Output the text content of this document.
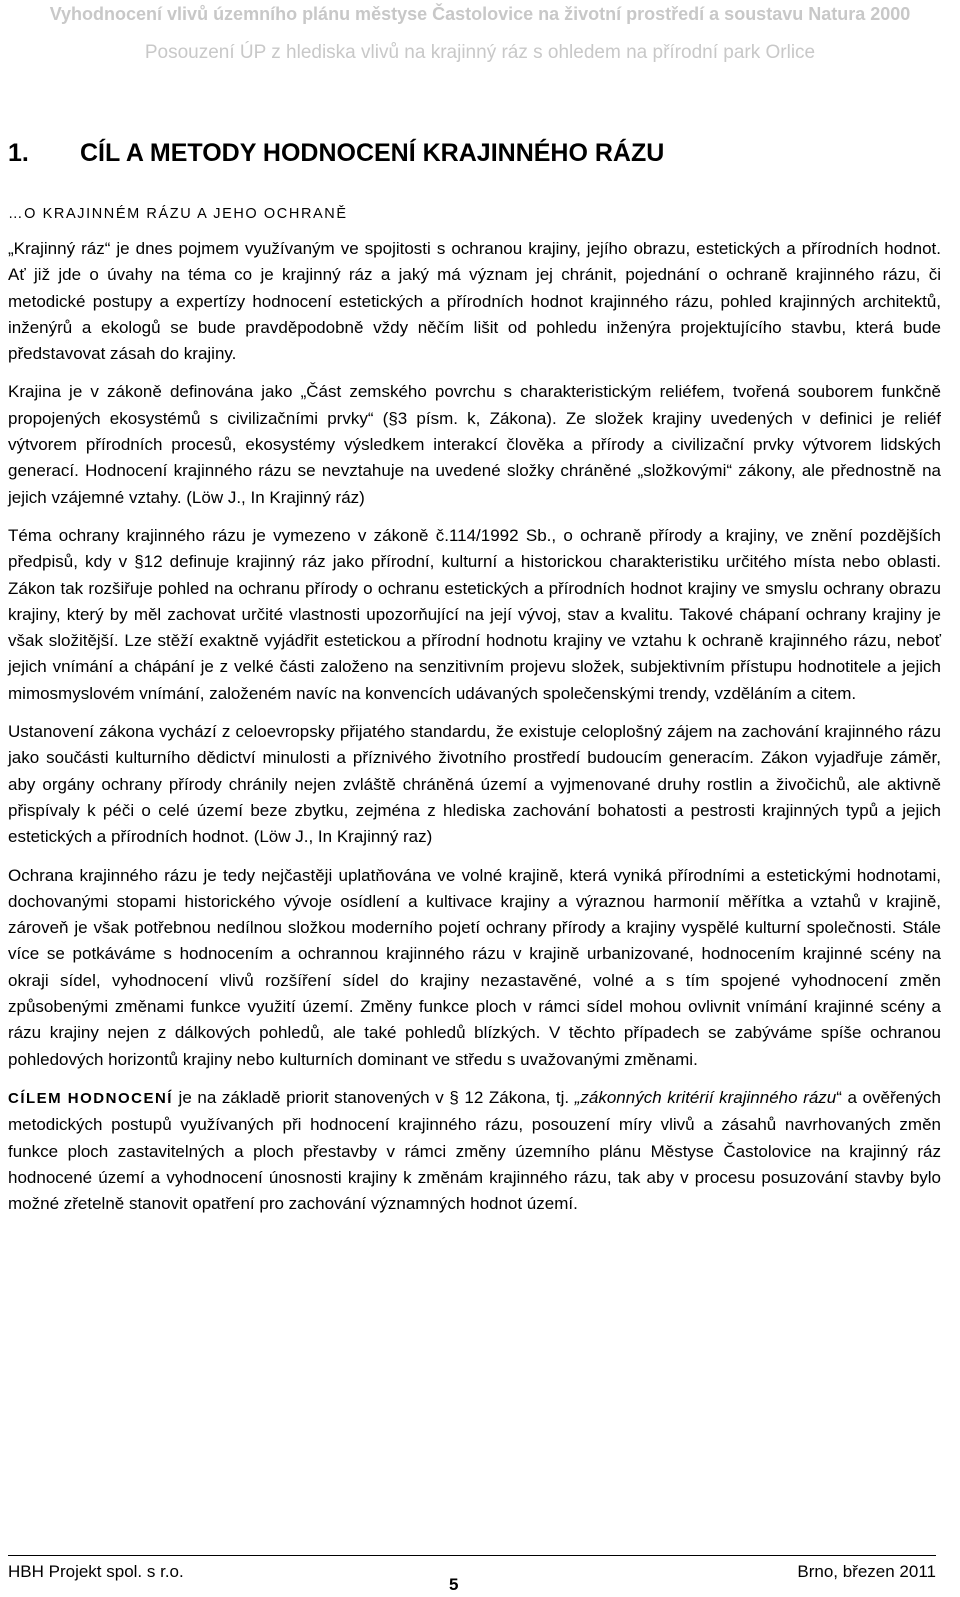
Vyhodnocení vlivů územního plánu městyse Častolovice na životní prostředí a soustavu Natura 2000
Posouzení ÚP z hlediska vlivů na krajinný ráz s ohledem na přírodní park Orlice
1. CÍL A METODY HODNOCENÍ KRAJINNÉHO RÁZU
…O KRAJINNÉM RÁZU A JEHO OCHRANĚ

„Krajinný ráz“ je dnes pojmem využívaným ve spojitosti s ochranou krajiny, jejího obrazu, estetických a přírodních hodnot. Ať již jde o úvahy na téma co je krajinný ráz a jaký má význam jej chránit, pojednání o ochraně krajinného rázu, či metodické postupy a expertízy hodnocení estetických a přírodních hodnot krajinného rázu, pohled krajinných architektů, inženýrů a ekologů se bude pravděpodobně vždy něčím lišit od pohledu inženýra projektujícího stavbu, která bude představovat zásah do krajiny.

Krajina je v zákoně definována jako „Část zemského povrchu s charakteristickým reliéfem, tvořená souborem funkčně propojených ekosystémů s civilizačními prvky“ (§3 písm. k, Zákona). Ze složek krajiny uvedených v definici je reliéf výtvorem přírodních procesů, ekosystémy výsledkem interakcí člověka a přírody a civilizační prvky výtvorem lidských generací. Hodnocení krajinného rázu se nevztahuje na uvedené složky chráněné „složkovými“ zákony, ale přednostně na jejich vzájemné vztahy. (Löw J., In Krajinný ráz)

Téma ochrany krajinného rázu je vymezeno v zákoně č.114/1992 Sb., o ochraně přírody a krajiny, ve znění pozdějších předpisů, kdy v §12 definuje krajinný ráz jako přírodní, kulturní a historickou charakteristiku určitého místa nebo oblasti. Zákon tak rozšiřuje pohled na ochranu přírody o ochranu estetických a přírodních hodnot krajiny ve smyslu ochrany obrazu krajiny, který by měl zachovat určité vlastnosti upozorňující na její vývoj, stav a kvalitu. Takové chápaní ochrany krajiny je však složitější. Lze stěží exaktně vyjádřit estetickou a přírodní hodnotu krajiny ve vztahu k ochraně krajinného rázu, neboť jejich vnímání a chápání je z velké části založeno na senzitivním projevu složek, subjektivním přístupu hodnotitele a jejich mimosmyslovém vnímání, založeném navíc na konvencích udávaných společenskými trendy, vzděláním a citem.

Ustanovení zákona vychází z celoevropsky přijatého standardu, že existuje celoplošný zájem na zachování krajinného rázu jako součásti kulturního dědictví minulosti a příznivého životního prostředí budoucím generacím. Zákon vyjadřuje záměr, aby orgány ochrany přírody chránily nejen zvláště chráněná území a vyjmenované druhy rostlin a živočichů, ale aktivně přispívaly k péči o celé území beze zbytku, zejména z hlediska zachování bohatosti a pestrosti krajinných typů a jejich estetických a přírodních hodnot. (Löw J., In Krajinný raz)

Ochrana krajinného rázu je tedy nejčastěji uplatňována ve volné krajině, která vyniká přírodními a estetickými hodnotami, dochovanými stopami historického vývoje osídlení a kultivace krajiny a výraznou harmonií měřítka a vztahů v krajině, zároveň je však potřebnou nedílnou složkou moderního pojetí ochrany přírody a krajiny vyspělé kulturní společnosti. Stále více se potkáváme s hodnocením a ochrannou krajinného rázu v krajině urbanizované, hodnocením krajinné scény na okraji sídel, vyhodnocení vlivů rozšíření sídel do krajiny nezastavěné, volné a s tím spojené vyhodnocení změn způsobenými změnami funkce využití území. Změny funkce ploch v rámci sídel mohou ovlivnit vnímání krajinné scény a rázu krajiny nejen z dálkových pohledů, ale také pohledů blízkých. V těchto případech se zabýváme spíše ochranou pohledových horizontů krajiny nebo kulturních dominant ve středu s uvažovanými změnami.

CÍLEM HODNOCENÍ je na základě priorit stanovených v § 12 Zákona, tj. „zákonných kritérií krajinného rázu“ a ověřených metodických postupů využívaných při hodnocení krajinného rázu, posouzení míry vlivů a zásahů navrhovaných změn funkce ploch zastavitelných a ploch přestavby v rámci změny územního plánu Městyse Častolovice na krajinný ráz hodnocené území a vyhodnocení únosnosti krajiny k změnám krajinného rázu, tak aby v procesu posuzování stavby bylo možné zřetelně stanovit opatření pro zachování významných hodnot území.

HBH Projekt spol. s r.o.
5
Brno, březen 2011
